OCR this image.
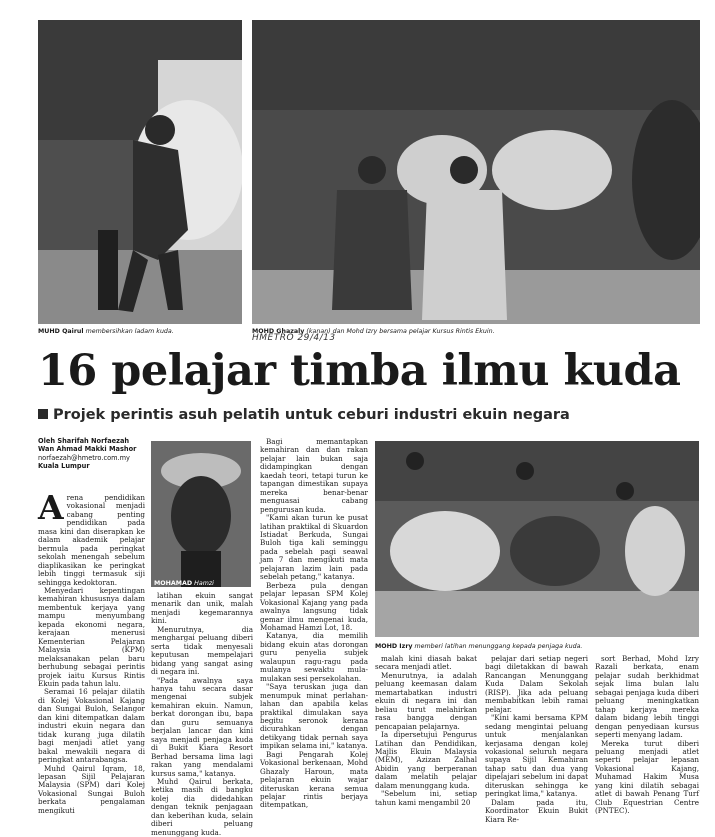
MUHD Qairul membersihkan ladam kuda.	MOHD Ghazaly (kanan) dan Mohd Izry bersama pelajar Kursus Rintis Ekuin.
HMETRO 29/4/13
16 pelajar timba ilmu kuda
Projek perintis asuh pelatih untuk ceburi industri ekuin negara
Oleh Sharifah Norfaezah Wan Ahmad Makki Mashor
norfaezah@hmetro.com.my
Kuala Lumpur
MOHAMAD Hamzi
MOHD Izry memberi latihan menunggang kepada penjaga kuda.

Arena pendidikan vokasional menjadi cabang penting pendidikan pada masa kini dan diserapkan ke dalam akademik pelajar bermula pada peringkat sekolah menengah sebelum diaplikasikan ke peringkat lebih tinggi termasuk siji sehingga kedoktoran.

Menyedari kepentingan kemahiran khususnya dalam membentuk kerjaya yang mampu menyumbang kepada ekonomi negara, kerajaan menerusi Kementerian Pelajaran Malaysia (KPM) melaksanakan pelan baru berhubung sebagai perintis projek iaitu Kursus Rintis Ekuin pada tahun lalu.

Seramai 16 pelajar dilatih di Kolej Vokasional Kajang dan Sungai Buloh, Selangor dan kini ditempatkan dalam industri ekuin negara dan tidak kurang juga dilatih bagi menjadi atlet yang bakal mewakili negara di peringkat antarabangsa.

Muhd Qairul Iqram, 18, lepasan Sijil Pelajaran Malaysia (SPM) dari Kolej Vokasional Sungai Buloh berkata pengalaman mengikuti

latihan ekuin sangat menarik dan unik, malah menjadi kegemarannya kini.

Menurutnya, dia menghargai peluang diberi serta tidak menyesali keputusan mempelajari bidang yang sangat asing di negara ini.

"Pada awalnya saya hanya tahu secara dasar mengenai subjek kemahiran ekuin. Namun, berkat dorongan ibu, bapa dan guru semuanya berjalan lancar dan kini saya menjadi penjaga kuda di Bukit Kiara Resort Berhad bersama lima lagi rakan yang mendalami kursus sama," katanya.

Muhd Qairul berkata, ketika masih di bangku kolej dia didedahkan dengan teknik penjagaan dan keberihan kuda, selain diberi peluang menunggang kuda.

Bagi memantapkan kemahiran dan dan rakan pelajar lain bukan saja didampingkan dengan kaedah teori, tetapi turun ke tapangan dimestikan supaya mereka benar-benar menguasai cabang pengurusan kuda.

"Kami akan turun ke pusat latihan praktikal di Skuardon Istiadat Berkuda, Sungai Buloh tiga kali seminggu pada sebelah pagi seawal jam 7 dan mengikuti mata pelajaran lazim lain pada sebelah petang," katanya.

Berbeza pula dengan pelajar lepasan SPM Kolej Vokasional Kajang yang pada awalnya langsung tidak gemar ilmu mengenai kuda, Mohamad Hamzi Lot, 18.

Katanya, dia memilih bidang ekuin atas dorongan guru penyelia subjek walaupun ragu-ragu pada mulanya sewaktu mula-mulakan sesi persekolahan.

"Saya teruskan juga dan menumpuk minat perlahan-lahan dan apabila kelas praktikal dimulakan saya begitu seronok kerana dicurahkan dengan detikyang tidak pernah saya impikan selama ini," katanya.

Bagi Pengarah Kolej Vokasional berkenaan, Mohd Ghazaly Haroun, mata pelajaran ekuin wajar diteruskan kerana semua pelajar rintis berjaya ditempatkan,

malah kini diasah bakat secara menjadi atlet.

Menurutnya, ia adalah peluang keemasan dalam memartabatkan industri ekuin di negara ini dan beliau turut melahirkan rasa bangga dengan pencapaian pelajarnya.

Ia dipersetujui Pengurus Latihan dan Pendidikan, Majlis Ekuin Malaysia (MEM), Azizan Zalhal Abidin yang berperanan dalam melatih pelajar dalam menunggang kuda.

"Sebelum ini, setiap tahun kami mengambil 20

pelajar dari setiap negeri bagi diletakkan di bawah Rancangan Menunggang Kuda Dalam Sekolah (RISP). Jika ada peluang membabitkan lebih ramai pelajar.

"Kini kami bersama KPM sedang mengintai peluang untuk menjalankan kerjasama dengan kolej vokasional seluruh negara supaya Sijil Kemahiran tahap satu dan dua yang dipelajari sebelum ini dapat diteruskan sehingga ke peringkat lima," katanya.

Dalam pada itu, Koordinator Ekuin Bukit Kiara Re-

sort Berhad, Mohd Izry Razali berkata, enam pelajar sudah berkhidmat sejak lima bulan lalu sebagai penjaga kuda diberi peluang meningkatkan tahap kerjaya mereka dalam bidang lebih tinggi dengan penyediaan kursus seperti menyang ladam.

Mereka turut diberi peluang menjadi atlet seperti pelajar lepasan Vokasional Kajang, Muhamad Hakim Musa yang kini dilatih sebagai atlet di bawah Penang Turf Club Equestrian Centre (PNTEC).
